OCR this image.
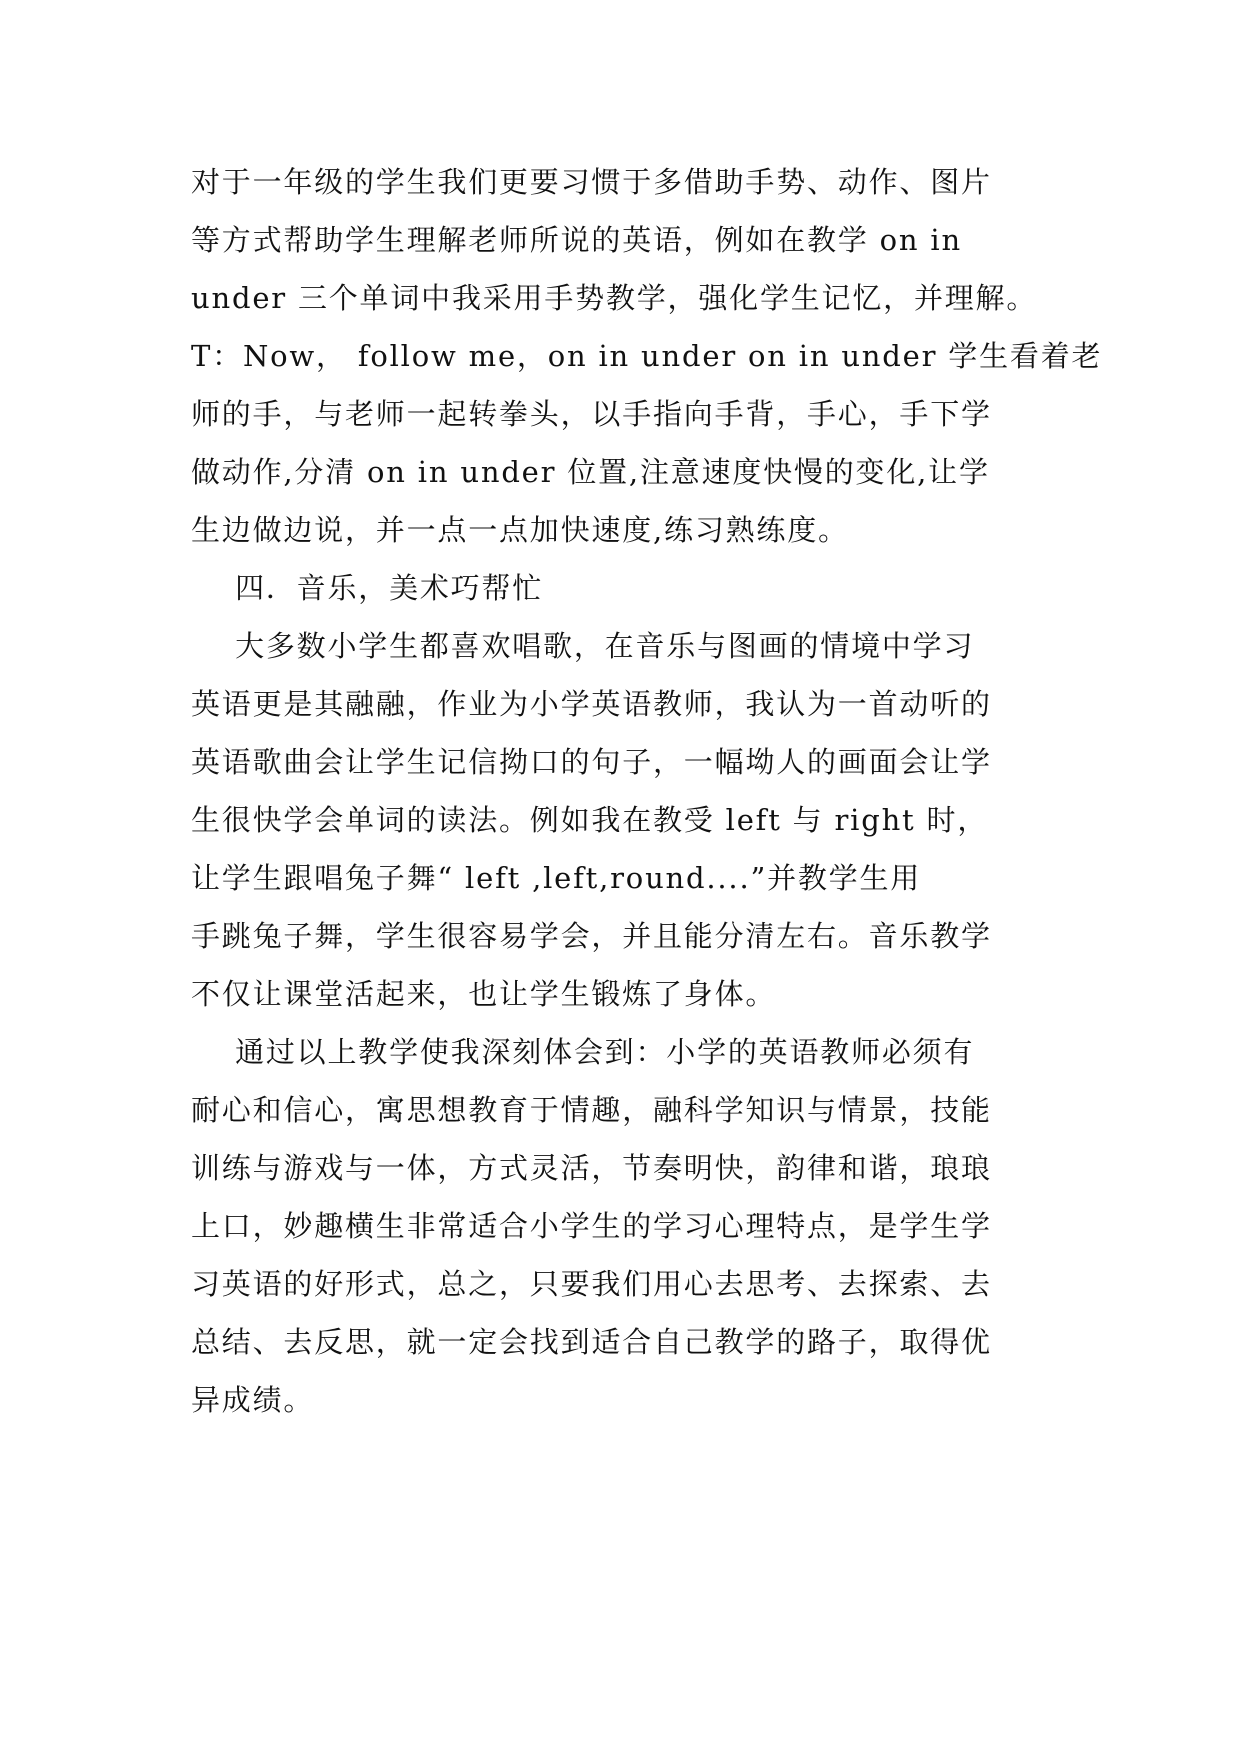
对于一年级的学生我们更要习惯于多借助手势、动作、图片
等方式帮助学生理解老师所说的英语，例如在教学 on in
under 三个单词中我采用手势教学，强化学生记忆，并理解。
T：Now， follow me，on in under on in under 学生看着老
师的手，与老师一起转拳头，以手指向手背，手心，手下学
做动作,分清 on in under 位置,注意速度快慢的变化,让学
生边做边说，并一点一点加快速度,练习熟练度。
四．音乐，美术巧帮忙
大多数小学生都喜欢唱歌，在音乐与图画的情境中学习
英语更是其融融，作业为小学英语教师，我认为一首动听的
英语歌曲会让学生记信拗口的句子，一幅坳人的画面会让学
生很快学会单词的读法。例如我在教受 left 与 right 时，
让学生跟唱兔子舞“ left ,left,round....”并教学生用
手跳兔子舞，学生很容易学会，并且能分清左右。音乐教学
不仅让课堂活起来，也让学生锻炼了身体。
通过以上教学使我深刻体会到：小学的英语教师必须有
耐心和信心，寓思想教育于情趣，融科学知识与情景，技能
训练与游戏与一体，方式灵活，节奏明快，韵律和谐，琅琅
上口，妙趣横生非常适合小学生的学习心理特点，是学生学
习英语的好形式，总之，只要我们用心去思考、去探索、去
总结、去反思，就一定会找到适合自己教学的路子，取得优
异成绩。
